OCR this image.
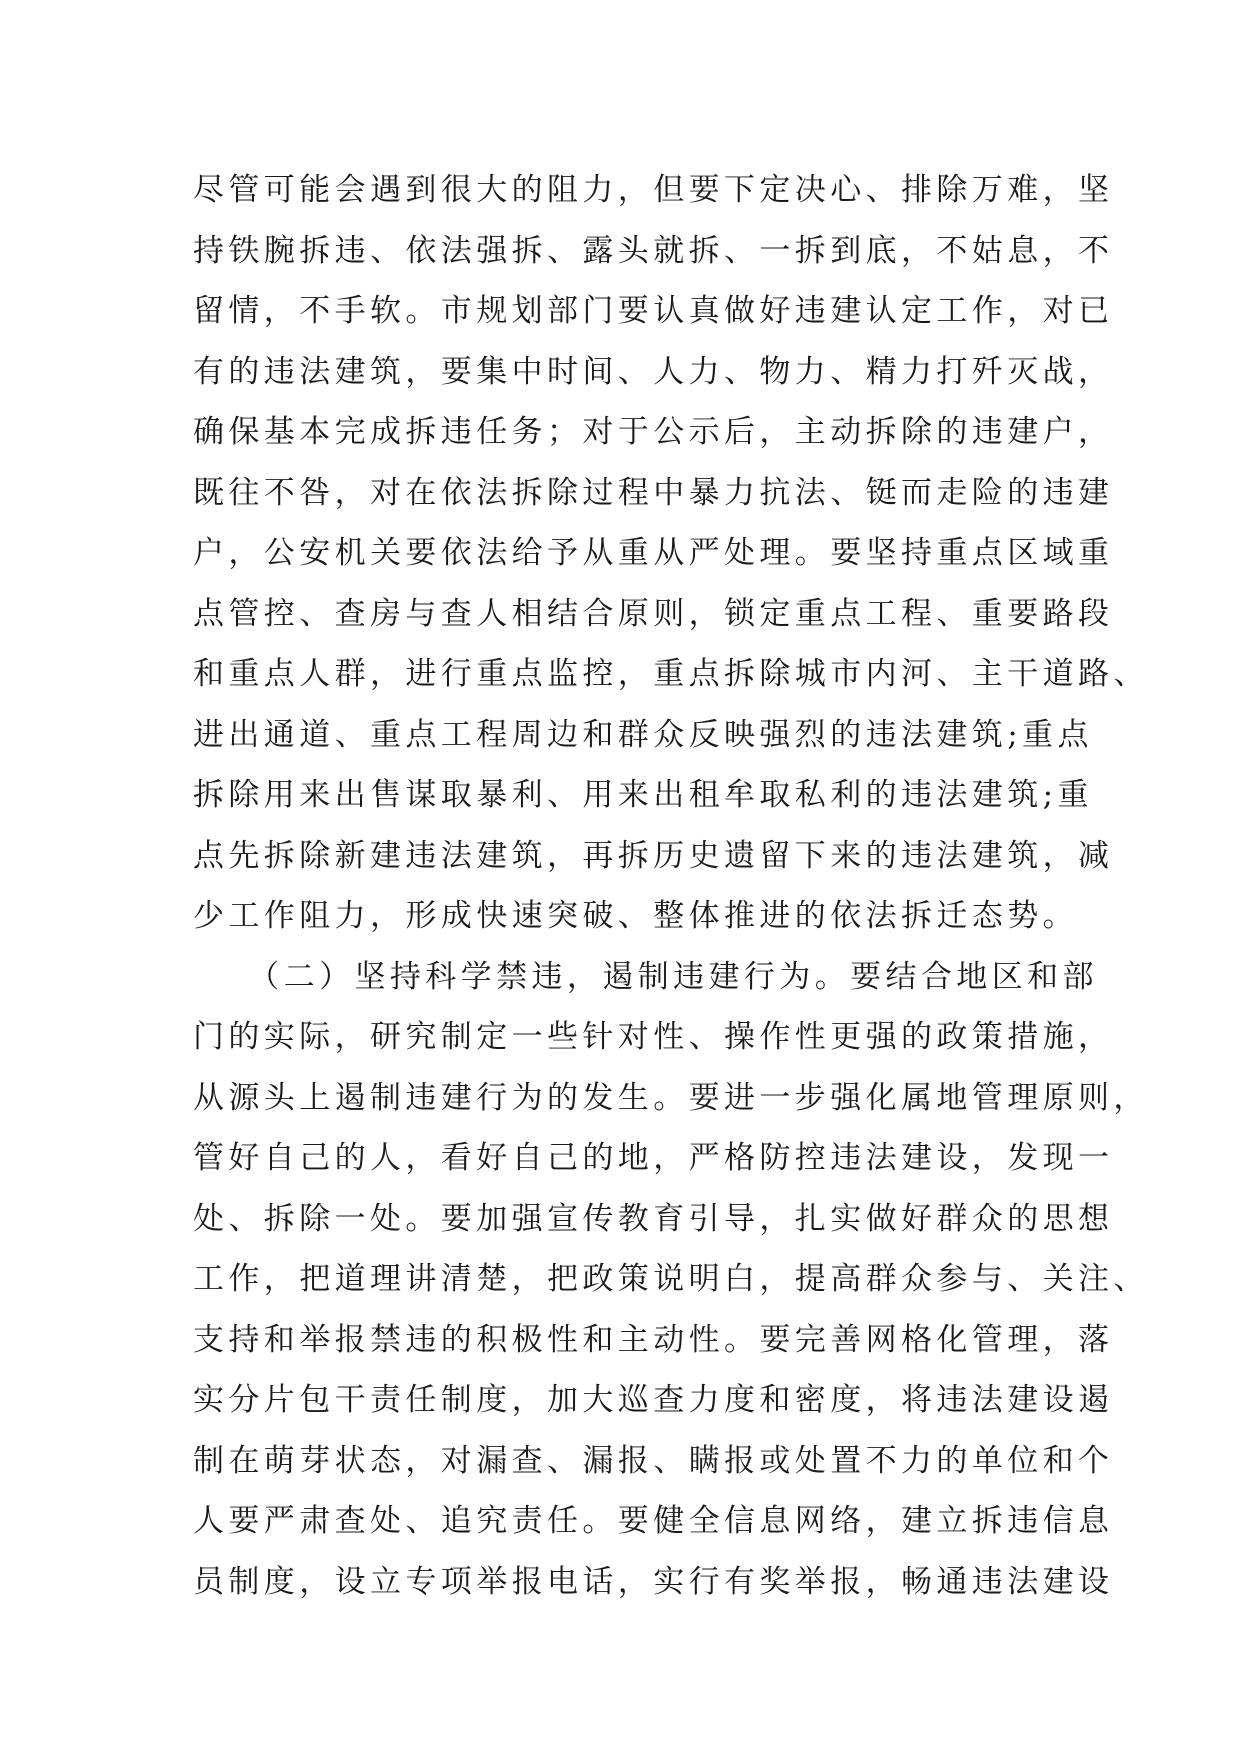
尽管可能会遇到很大的阻力，但要下定决心、排除万难，坚
持铁腕拆违、依法强拆、露头就拆、一拆到底，不姑息，不
留情，不手软。市规划部门要认真做好违建认定工作，对已
有的违法建筑，要集中时间、人力、物力、精力打歼灭战，
确保基本完成拆违任务；对于公示后，主动拆除的违建户，
既往不咎，对在依法拆除过程中暴力抗法、铤而走险的违建
户，公安机关要依法给予从重从严处理。要坚持重点区域重
点管控、查房与查人相结合原则，锁定重点工程、重要路段
和重点人群，进行重点监控，重点拆除城市内河、主干道路、
进出通道、重点工程周边和群众反映强烈的违法建筑;重点
拆除用来出售谋取暴利、用来出租牟取私利的违法建筑;重
点先拆除新建违法建筑，再拆历史遗留下来的违法建筑，减
少工作阻力，形成快速突破、整体推进的依法拆迁态势。
　　（二）坚持科学禁违，遏制违建行为。要结合地区和部
门的实际，研究制定一些针对性、操作性更强的政策措施，
从源头上遏制违建行为的发生。要进一步强化属地管理原则，
管好自己的人，看好自己的地，严格防控违法建设，发现一
处、拆除一处。要加强宣传教育引导，扎实做好群众的思想
工作，把道理讲清楚，把政策说明白，提高群众参与、关注、
支持和举报禁违的积极性和主动性。要完善网格化管理，落
实分片包干责任制度，加大巡查力度和密度，将违法建设遏
制在萌芽状态，对漏查、漏报、瞒报或处置不力的单位和个
人要严肃查处、追究责任。要健全信息网络，建立拆违信息
员制度，设立专项举报电话，实行有奖举报，畅通违法建设
